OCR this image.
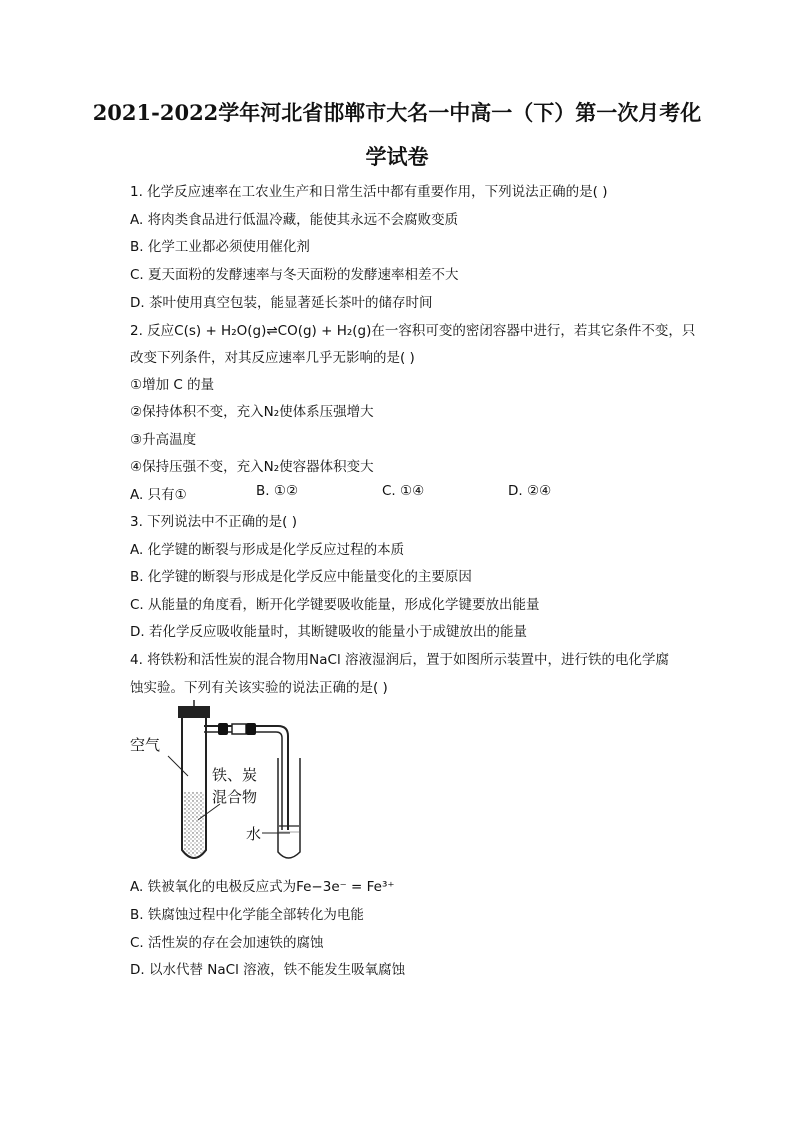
2021-2022学年河北省邯郸市大名一中高一（下）第一次月考化
学试卷
1. 化学反应速率在工农业生产和日常生活中都有重要作用，下列说法正确的是( )
A. 将肉类食品进行低温冷藏，能使其永远不会腐败变质
B. 化学工业都必须使用催化剂
C. 夏天面粉的发酵速率与冬天面粉的发酵速率相差不大
D. 茶叶使用真空包装，能显著延长茶叶的储存时间
2. 反应C(s) + H₂O(g)⇌CO(g) + H₂(g)在一容积可变的密闭容器中进行，若其它条件不变，只
改变下列条件，对其反应速率几乎无影响的是( )
①增加 C 的量
②保持体积不变，充入N₂使体系压强增大
③升高温度
④保持压强不变，充入N₂使容器体积变大
A. 只有①	B. ①②	C. ①④	D. ②④
3. 下列说法中不正确的是( )
A. 化学键的断裂与形成是化学反应过程的本质
B. 化学键的断裂与形成是化学反应中能量变化的主要原因
C. 从能量的角度看，断开化学键要吸收能量，形成化学键要放出能量
D. 若化学反应吸收能量时，其断键吸收的能量小于成键放出的能量
4. 将铁粉和活性炭的混合物用NaCl 溶液湿润后，置于如图所示装置中，进行铁的电化学腐
蚀实验。下列有关该实验的说法正确的是( )
空气
铁、炭
混合物
水
A. 铁被氧化的电极反应式为Fe−3e⁻ = Fe³⁺
B. 铁腐蚀过程中化学能全部转化为电能
C. 活性炭的存在会加速铁的腐蚀
D. 以水代替 NaCl 溶液，铁不能发生吸氧腐蚀
